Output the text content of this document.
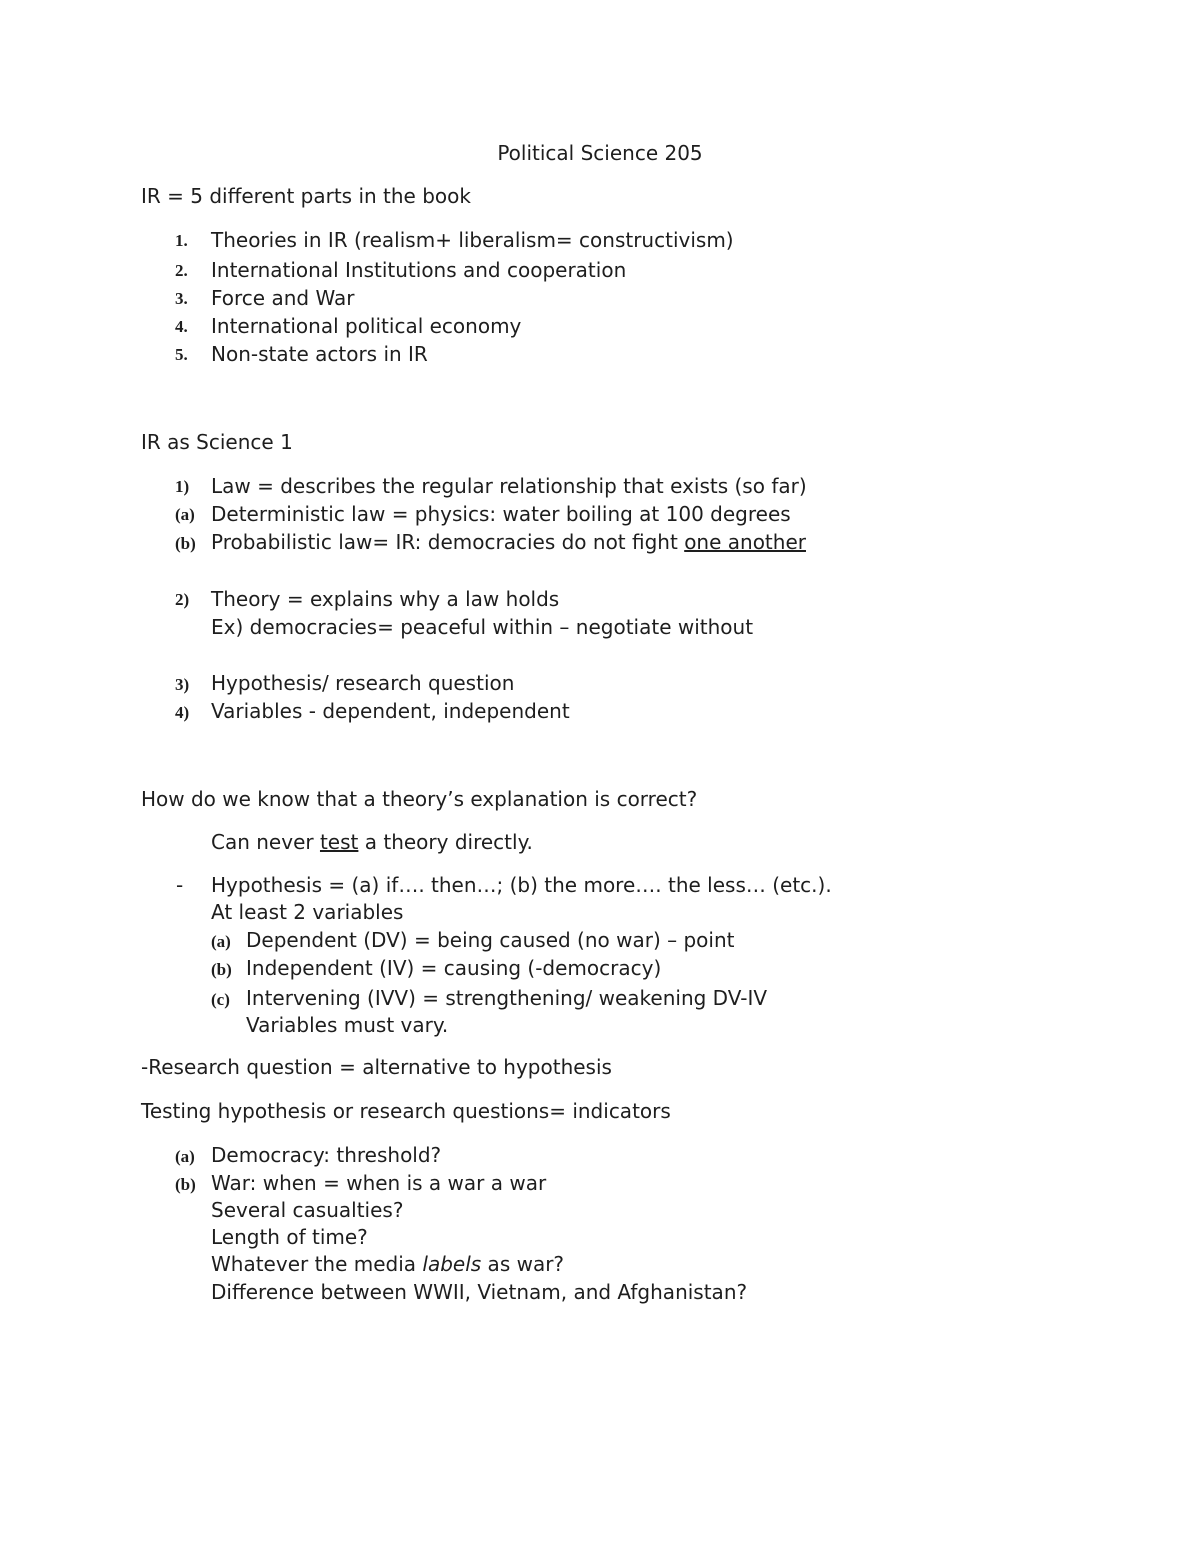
Political Science 205
IR = 5 different parts in the book
1. Theories in IR (realism+ liberalism= constructivism)
2. International Institutions and cooperation
3. Force and War
4. International political economy
5. Non-state actors in IR
IR as Science 1
1) Law = describes the regular relationship that exists (so far)
(a) Deterministic law = physics: water boiling at 100 degrees
(b) Probabilistic law= IR: democracies do not fight one another
2) Theory = explains why a law holds
Ex) democracies= peaceful within – negotiate without
3) Hypothesis/ research question
4) Variables - dependent, independent
How do we know that a theory’s explanation is correct?
Can never test a theory directly.
- Hypothesis = (a) if…. then…; (b) the more…. the less… (etc.).
At least 2 variables
(a) Dependent (DV) = being caused (no war) – point
(b) Independent (IV) = causing (-democracy)
(c) Intervening (IVV) = strengthening/ weakening DV-IV
Variables must vary.
-Research question = alternative to hypothesis
Testing hypothesis or research questions= indicators
(a) Democracy: threshold?
(b) War: when = when is a war a war
Several casualties?
Length of time?
Whatever the media labels as war?
Difference between WWII, Vietnam, and Afghanistan?
